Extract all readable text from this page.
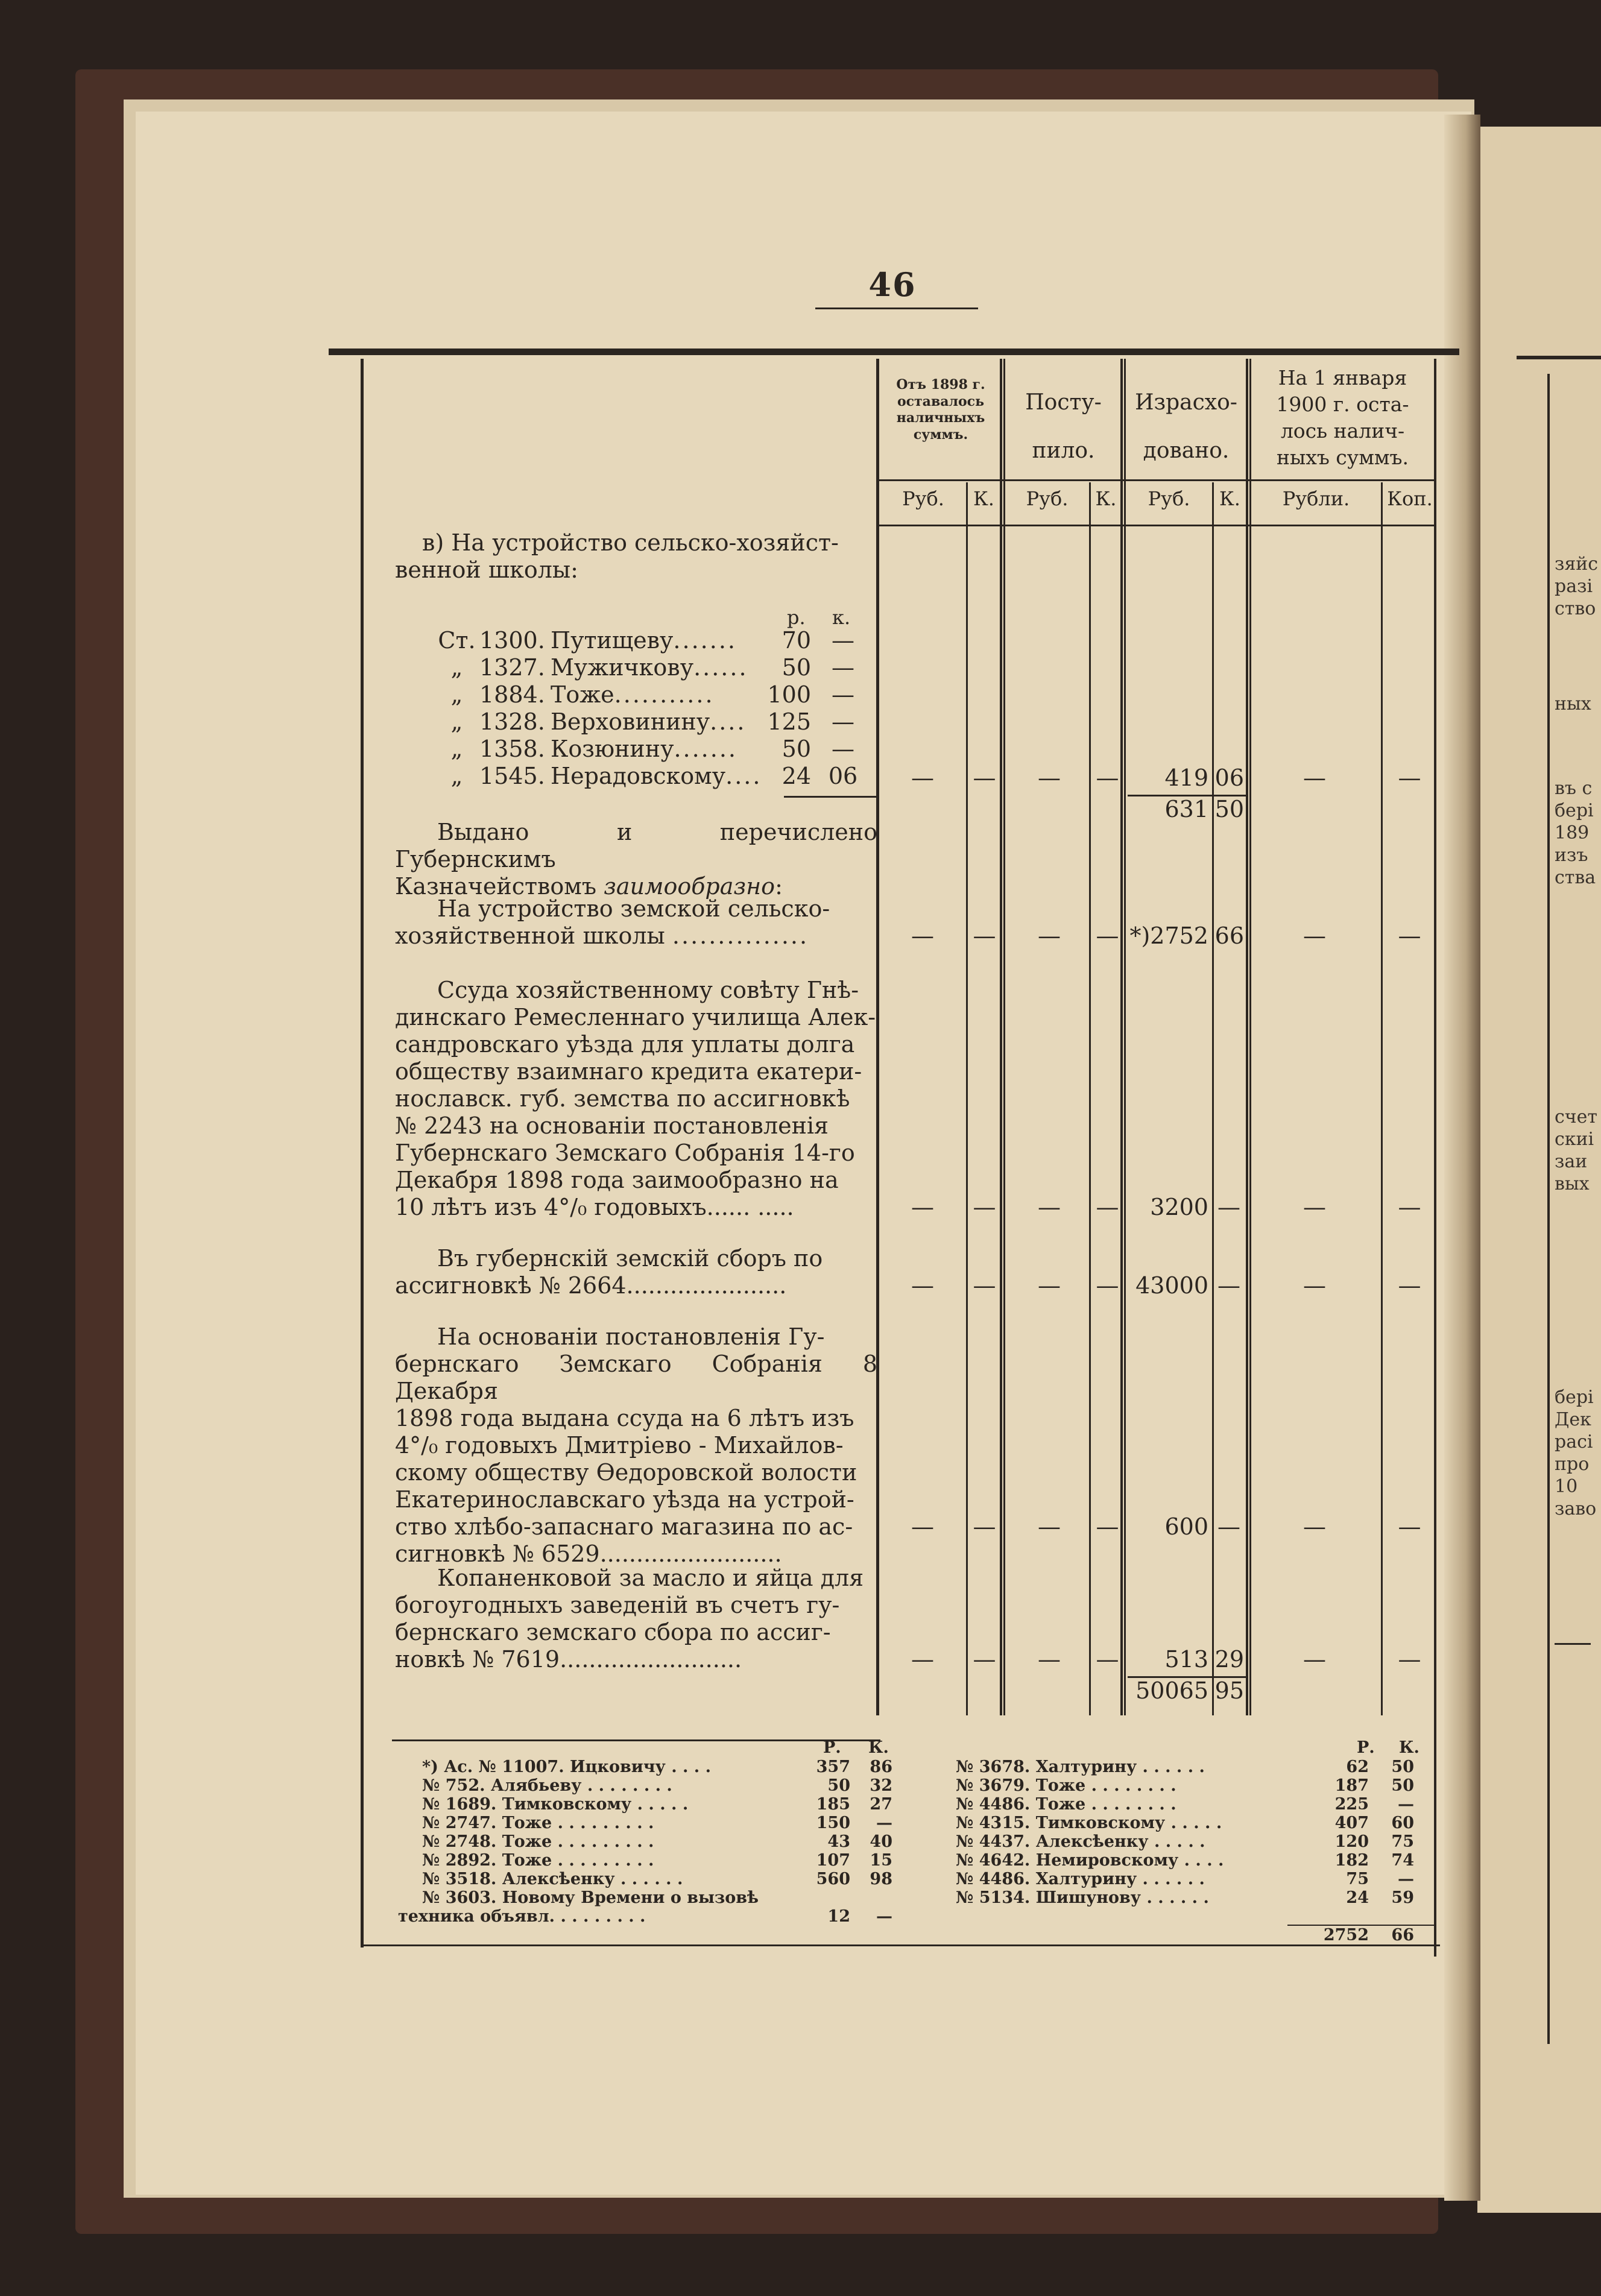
зяйс
разі
ство
ных
въ с
бері
189
изъ
ства
счет
скиі
заи
вых
бері
Дек
расі
про
10
заво
46
Отъ 1898 г.
оставалось
наличныхъ
суммъ.
Посту-
пило.
Израсхо-
довано.
На 1 января
1900 г. оста-
лось налич-
ныхъ суммъ.
Руб.	К.	Руб.	К.	Руб.	К.	Рубли.	Коп.
в) На устройство сельско-хозяйст-
венной школы:
р. к.
Ст. 1300. Путищеву.......	70 —
„ 1327. Мужичкову......	50 —
„ 1884. Тоже...........	100 —
„ 1328. Верховинину.... 125 —
„ 1358. Козюнину.......	50 —
„ 1545. Нерадовскому.... 24 06	—	—	—	—	419 06	—	—
631 50
Выдано и перечислено Губернскимъ
Казначействомъ заимообразно:
На устройство земской сельско-
хозяйственной школы ...............	—	—	—	— *)2752 66	—	—
Ссуда хозяйственному совѣту Гнѣ-
динскаго Ремесленнаго училища Алек-
сандровскаго уѣзда для уплаты долга
обществу взаимнаго кредита екатери-
нославск. губ. земства по ассигновкѣ
№ 2243 на основанiи постановленiя
Губернскаго Земскаго Собранiя 14-го
Декабря 1898 года заимообразно на
10 лѣтъ изъ 4°/₀ годовыхъ...... .....	—	—	—	—	3200 —	—	—
Въ губернскiй земскiй сборъ по
ассигновкѣ № 2664......................	—	—	—	— 43000 —	—	—
На основанiи постановленiя Гу-
бернскаго Земскаго Собранiя 8 Декабря
1898 года выдана ссуда на 6 лѣтъ изъ
4°/₀ годовыхъ Дмитрiево - Михайлов-
скому обществу Ѳедоровской волости
Екатеринославскаго уѣзда на устрой-
ство хлѣбо-запаснаго магазина по ас-
сигновкѣ № 6529.........................
—	—	—	—	600 —	—	—
Копаненковой за масло и яйца для
богоугодныхъ заведенiй въ счетъ гу-
бернскаго земскаго сбора по ассиг-
новкѣ № 7619.........................	—	—	—	—	513 29	—	—
50065 95
Р. К.	Р. К.
*) Ас. № 11007. Ицковичу . . . .	357	86
№ 752. Алябьеву . . . . . . . .	50	32
№ 1689. Тимковскому . . . . .	185	27
№ 2747. Тоже . . . . . . . . .	150	—
№ 2748. Тоже . . . . . . . . .	43	40
№ 2892. Тоже . . . . . . . . .	107	15
№ 3518. Алексѣенку . . . . . .	560	98
№ 3603. Новому Времени о вызовѣ
техника объявл. . . . . . . . .	12	—
№ 3678. Халтурину . . . . . .	62	50
№ 3679. Тоже . . . . . . . .	187	50
№ 4486. Тоже . . . . . . . .	225	—
№ 4315. Тимковскому . . . . .	407	60
№ 4437. Алексѣенку . . . . .	120	75
№ 4642. Немировскому . . . .	182	74
№ 4486. Халтурину . . . . . .	75	—
№ 5134. Шишунову . . . . . .	24	59
2752	66
